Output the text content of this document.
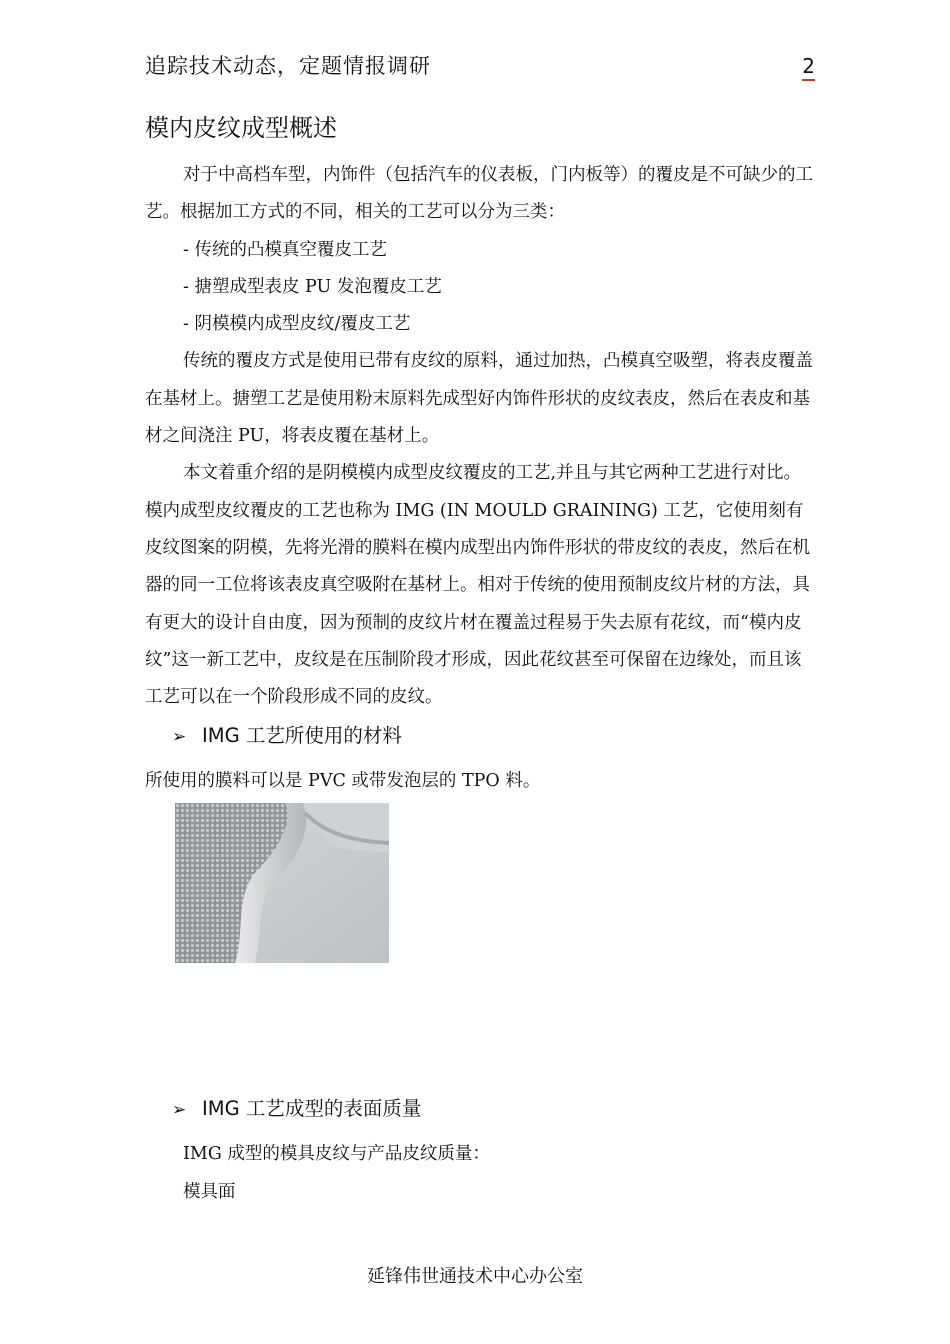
追踪技术动态，定题情报调研	2
模内皮纹成型概述

对于中高档车型，内饰件（包括汽车的仪表板，门内板等）的覆皮是不可缺少的工艺。根据加工方式的不同，相关的工艺可以分为三类：

- 传统的凸模真空覆皮工艺

- 搪塑成型表皮 PU 发泡覆皮工艺

- 阴模模内成型皮纹/覆皮工艺

传统的覆皮方式是使用已带有皮纹的原料，通过加热，凸模真空吸塑，将表皮覆盖在基材上。搪塑工艺是使用粉末原料先成型好内饰件形状的皮纹表皮，然后在表皮和基材之间浇注 PU，将表皮覆在基材上。

本文着重介绍的是阴模模内成型皮纹覆皮的工艺,并且与其它两种工艺进行对比。模内成型皮纹覆皮的工艺也称为 IMG (IN MOULD GRAINING) 工艺，它使用刻有皮纹图案的阴模，先将光滑的膜料在模内成型出内饰件形状的带皮纹的表皮，然后在机器的同一工位将该表皮真空吸附在基材上。相对于传统的使用预制皮纹片材的方法，具有更大的设计自由度，因为预制的皮纹片材在覆盖过程易于失去原有花纹，而“模内皮纹”这一新工艺中，皮纹是在压制阶段才形成，因此花纹甚至可保留在边缘处，而且该工艺可以在一个阶段形成不同的皮纹。

➢ IMG 工艺所使用的材料
所使用的膜料可以是 PVC 或带发泡层的 TPO 料。
➢ IMG 工艺成型的表面质量
IMG 成型的模具皮纹与产品皮纹质量：
模具面
延锋伟世通技术中心办公室
